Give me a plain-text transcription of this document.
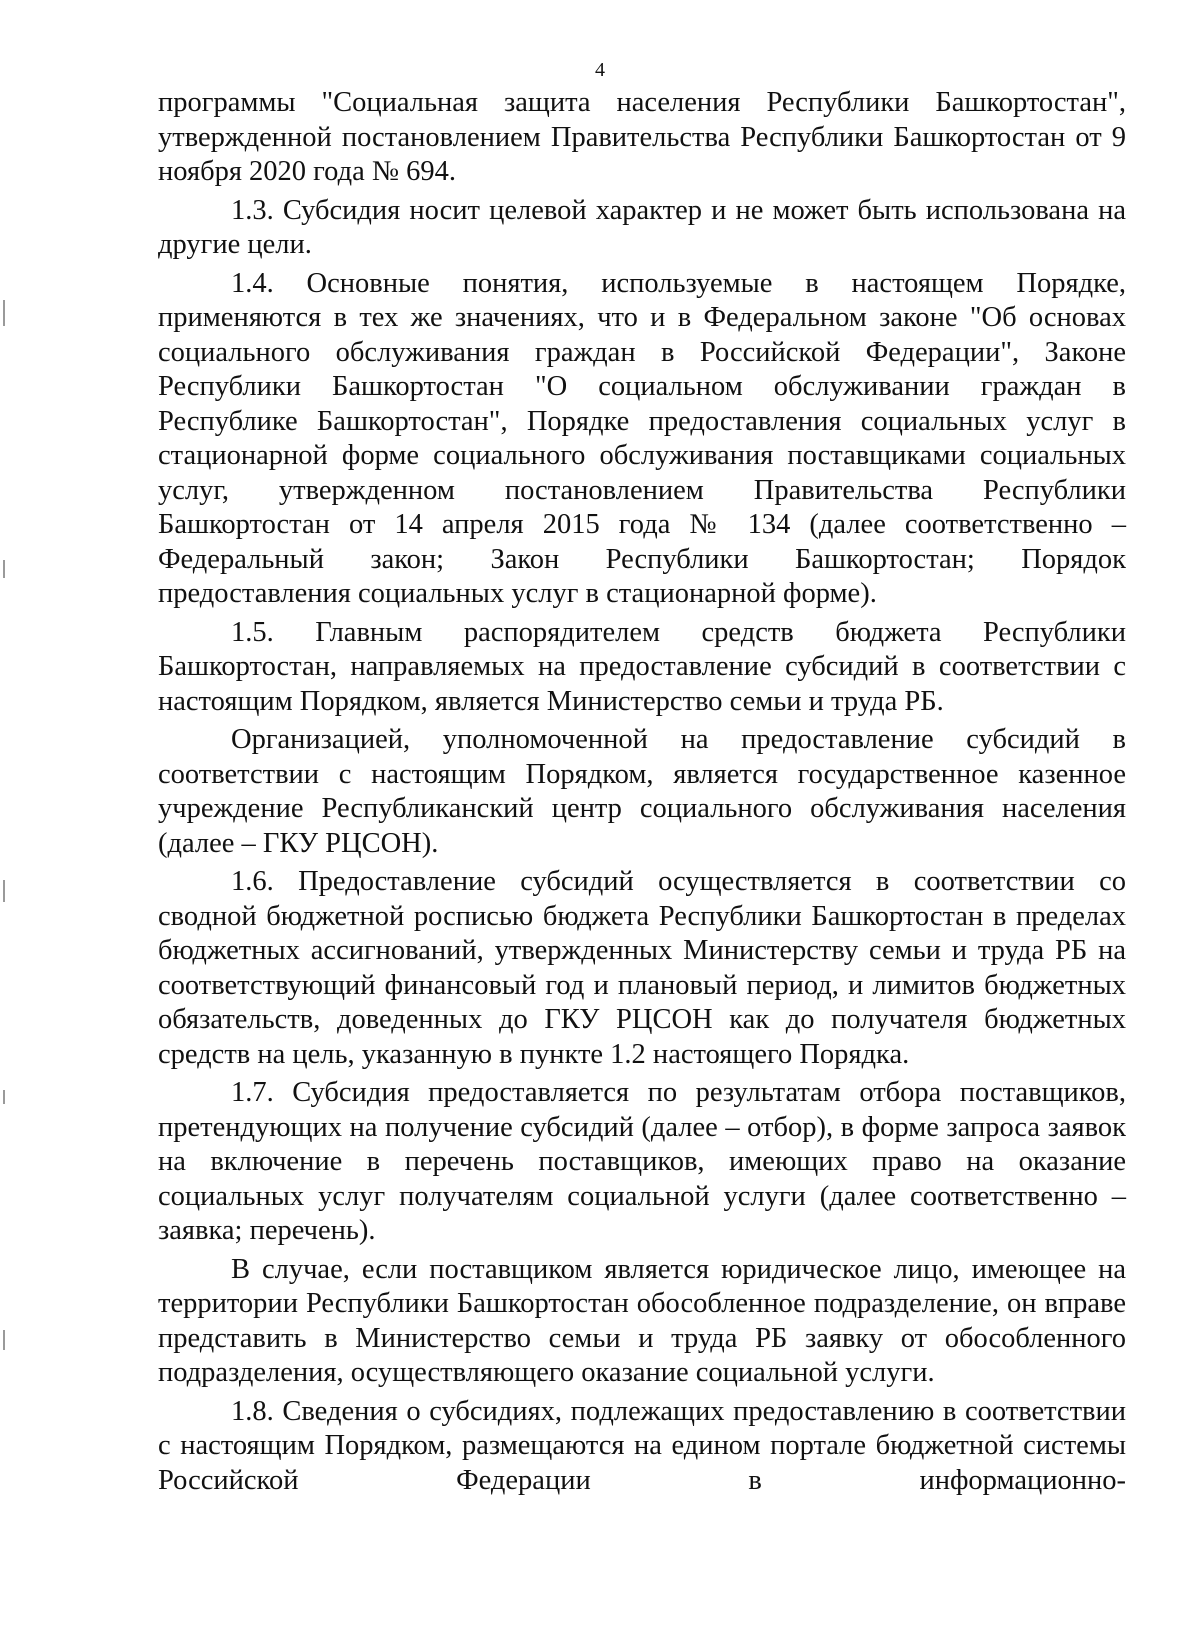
4

программы "Социальная защита населения Республики Башкортостан", утвержденной постановлением Правительства Республики Башкортостан от 9 ноября 2020 года № 694.

1.3. Субсидия носит целевой характер и не может быть использована на другие цели.

1.4. Основные понятия, используемые в настоящем Порядке, применяются в тех же значениях, что и в Федеральном законе "Об основах социального обслуживания граждан в Российской Федерации", Законе Республики Башкортостан "О социальном обслуживании граждан в Республике Башкортостан", Порядке предоставления социальных услуг в стационарной форме социального обслуживания поставщиками социальных услуг, утвержденном постановлением Правительства Республики Башкортостан от 14 апреля 2015 года № 134 (далее соответственно – Федеральный закон; Закон Республики Башкортостан; Порядок предоставления социальных услуг в стационарной форме).

1.5. Главным распорядителем средств бюджета Республики Башкортостан, направляемых на предоставление субсидий в соответствии с настоящим Порядком, является Министерство семьи и труда РБ.

Организацией, уполномоченной на предоставление субсидий в соответствии с настоящим Порядком, является государственное казенное учреждение Республиканский центр социального обслуживания населения (далее – ГКУ РЦСОН).

1.6. Предоставление субсидий осуществляется в соответствии со сводной бюджетной росписью бюджета Республики Башкортостан в пределах бюджетных ассигнований, утвержденных Министерству семьи и труда РБ на соответствующий финансовый год и плановый период, и лимитов бюджетных обязательств, доведенных до ГКУ РЦСОН как до получателя бюджетных средств на цель, указанную в пункте 1.2 настоящего Порядка.

1.7. Субсидия предоставляется по результатам отбора поставщиков, претендующих на получение субсидий (далее – отбор), в форме запроса заявок на включение в перечень поставщиков, имеющих право на оказание социальных услуг получателям социальной услуги (далее соответственно – заявка; перечень).

В случае, если поставщиком является юридическое лицо, имеющее на территории Республики Башкортостан обособленное подразделение, он вправе представить в Министерство семьи и труда РБ заявку от обособленного подразделения, осуществляющего оказание социальной услуги.

1.8. Сведения о субсидиях, подлежащих предоставлению в соответствии с настоящим Порядком, размещаются на едином портале бюджетной системы Российской Федерации в информационно-
